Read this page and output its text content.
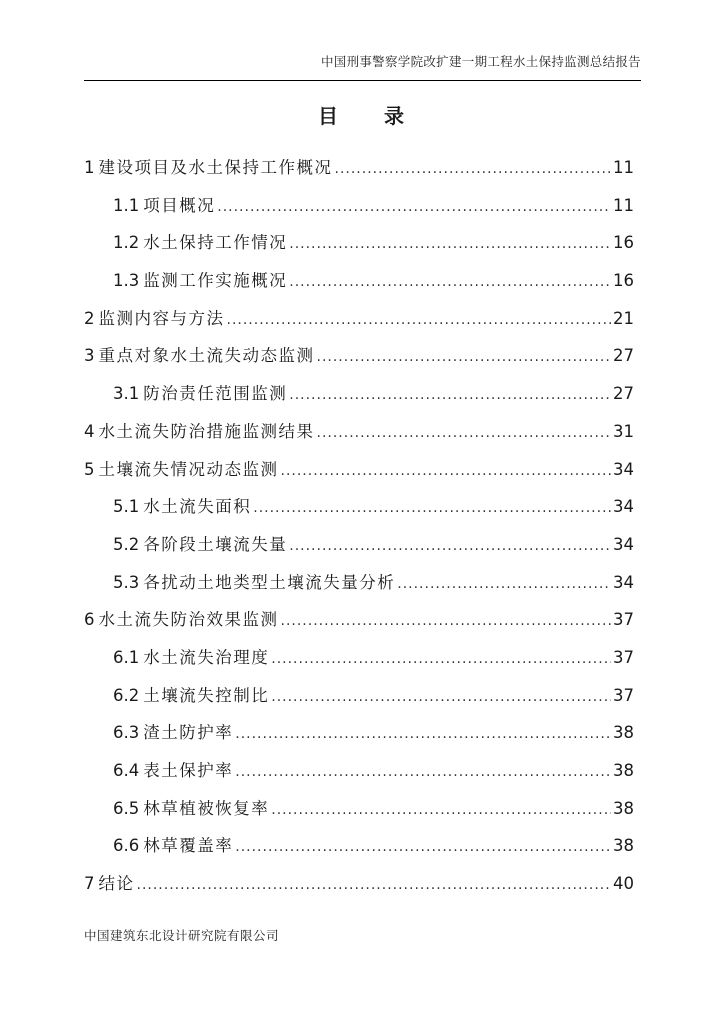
中国刑事警察学院改扩建一期工程水土保持监测总结报告
目 录
1 建设项目及水土保持工作概况 .....	11
1.1 项目概况 .....	11
1.2 水土保持工作情况 .....	16
1.3 监测工作实施概况 .....	16
2 监测内容与方法 .....	21
3 重点对象水土流失动态监测 .....	27
3.1 防治责任范围监测 .....	27
4 水土流失防治措施监测结果 .....	31
5 土壤流失情况动态监测 .....	34
5.1 水土流失面积 .....	34
5.2 各阶段土壤流失量 .....	34
5.3 各扰动土地类型土壤流失量分析 .....	34
6 水土流失防治效果监测 .....	37
6.1 水土流失治理度 .....	37
6.2 土壤流失控制比 .....	37
6.3 渣土防护率 .....	38
6.4 表土保护率 .....	38
6.5 林草植被恢复率 .....	38
6.6 林草覆盖率 .....	38
7 结论 .....	40
中国建筑东北设计研究院有限公司
